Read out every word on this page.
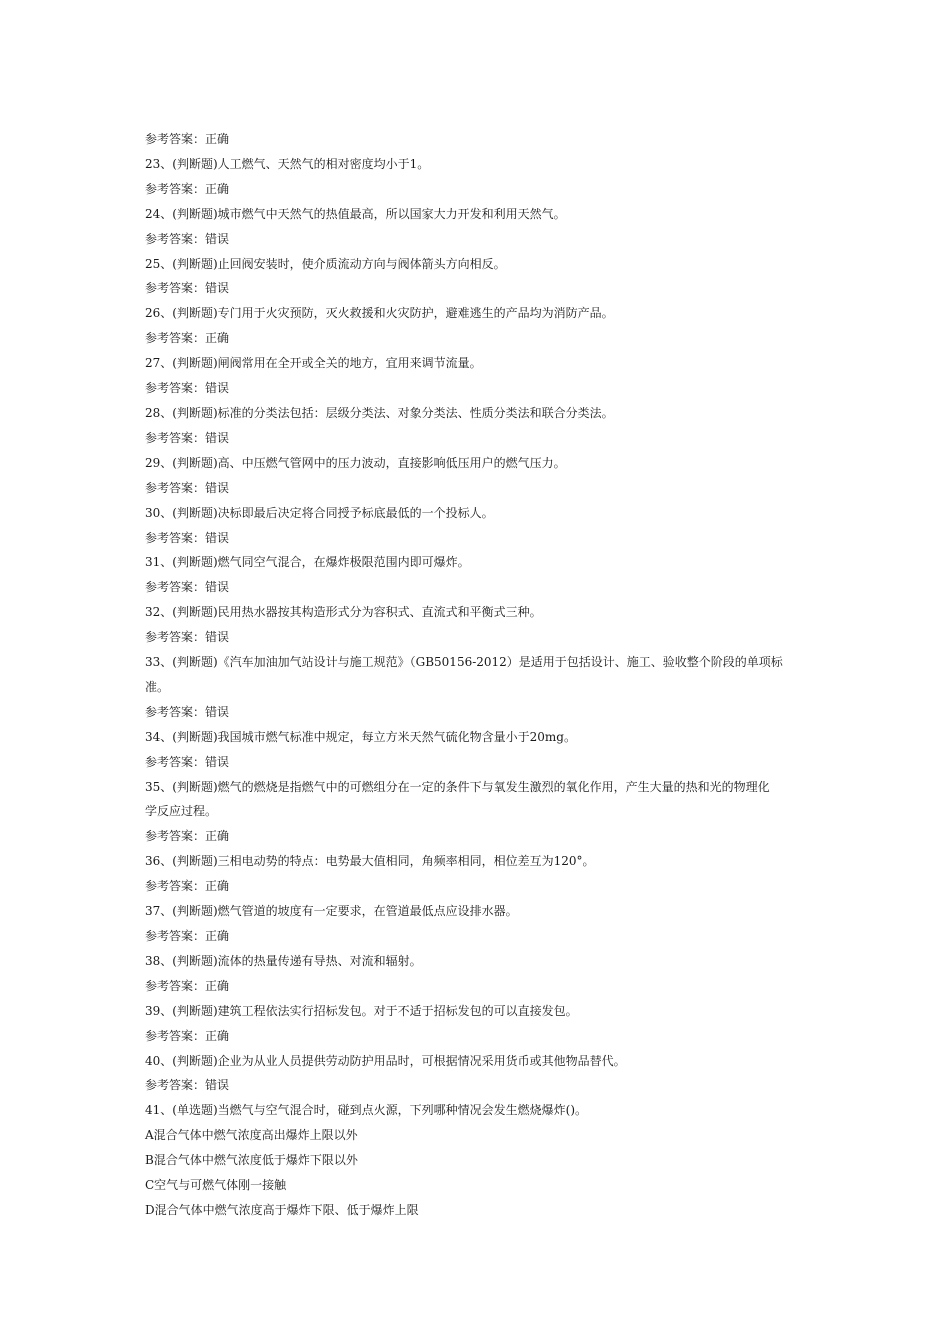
参考答案：正确
23、(判断题)人工燃气、天然气的相对密度均小于1。
参考答案：正确
24、(判断题)城市燃气中天然气的热值最高，所以国家大力开发和利用天然气。
参考答案：错误
25、(判断题)止回阀安装时，使介质流动方向与阀体箭头方向相反。
参考答案：错误
26、(判断题)专门用于火灾预防，灭火救援和火灾防护，避难逃生的产品均为消防产品。
参考答案：正确
27、(判断题)闸阀常用在全开或全关的地方，宜用来调节流量。
参考答案：错误
28、(判断题)标准的分类法包括：层级分类法、对象分类法、性质分类法和联合分类法。
参考答案：错误
29、(判断题)高、中压燃气管网中的压力波动，直接影响低压用户的燃气压力。
参考答案：错误
30、(判断题)决标即最后决定将合同授予标底最低的一个投标人。
参考答案：错误
31、(判断题)燃气同空气混合，在爆炸极限范围内即可爆炸。
参考答案：错误
32、(判断题)民用热水器按其构造形式分为容积式、直流式和平衡式三种。
参考答案：错误
33、(判断题)《汽车加油加气站设计与施工规范》（GB50156-2012）是适用于包括设计、施工、验收整个阶段的单项标
准。
参考答案：错误
34、(判断题)我国城市燃气标准中规定，每立方米天然气硫化物含量小于20mg。
参考答案：错误
35、(判断题)燃气的燃烧是指燃气中的可燃组分在一定的条件下与氧发生激烈的氧化作用，产生大量的热和光的物理化
学反应过程。
参考答案：正确
36、(判断题)三相电动势的特点：电势最大值相同，角频率相同，相位差互为120°。
参考答案：正确
37、(判断题)燃气管道的坡度有一定要求，在管道最低点应设排水器。
参考答案：正确
38、(判断题)流体的热量传递有导热、对流和辐射。
参考答案：正确
39、(判断题)建筑工程依法实行招标发包。对于不适于招标发包的可以直接发包。
参考答案：正确
40、(判断题)企业为从业人员提供劳动防护用品时，可根据情况采用货币或其他物品替代。
参考答案：错误
41、(单选题)当燃气与空气混合时，碰到点火源，下列哪种情况会发生燃烧爆炸()。
A混合气体中燃气浓度高出爆炸上限以外
B混合气体中燃气浓度低于爆炸下限以外
C空气与可燃气体刚一接触
D混合气体中燃气浓度高于爆炸下限、低于爆炸上限
